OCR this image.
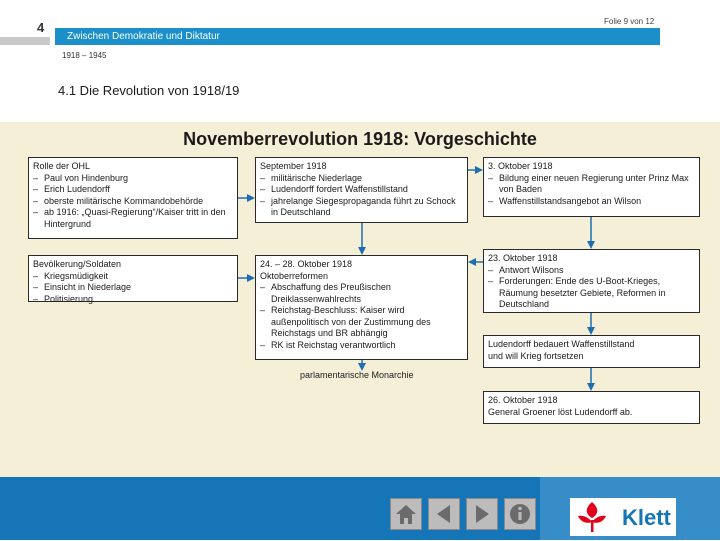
4
Zwischen Demokratie und Diktatur
Folie 9 von 12
1918 – 1945
4.1 Die Revolution von 1918/19
Novemberrevolution 1918: Vorgeschichte
Rolle der OHL
– Paul von Hindenburg
– Erich Ludendorff
– oberste militärische Kommandobehörde
– ab 1916: „Quasi-Regierung“/Kaiser tritt in den Hintergrund
Bevölkerung/Soldaten
– Kriegsmüdigkeit
– Einsicht in Niederlage
– Politisierung
September 1918
– militärische Niederlage
– Ludendorff fordert Waffenstillstand
– jahrelange Siegespropaganda führt zu Schock in Deutschland
24. – 28. Oktober 1918
Oktoberreformen
– Abschaffung des Preußischen Dreiklassenwahlrechts
– Reichstag-Beschluss: Kaiser wird außenpolitisch von der Zustimmung des Reichstags und BR abhängig
– RK ist Reichstag verantwortlich
3. Oktober 1918
– Bildung einer neuen Regierung unter Prinz Max von Baden
– Waffenstillstandsangebot an Wilson
23. Oktober 1918
– Antwort Wilsons
– Forderungen: Ende des U-Boot-Krieges, Räumung besetzter Gebiete, Reformen in Deutschland
Ludendorff bedauert Waffenstillstand
und will Krieg fortsetzen
26. Oktober 1918
General Groener löst Ludendorff ab.
parlamentarische Monarchie
Klett
